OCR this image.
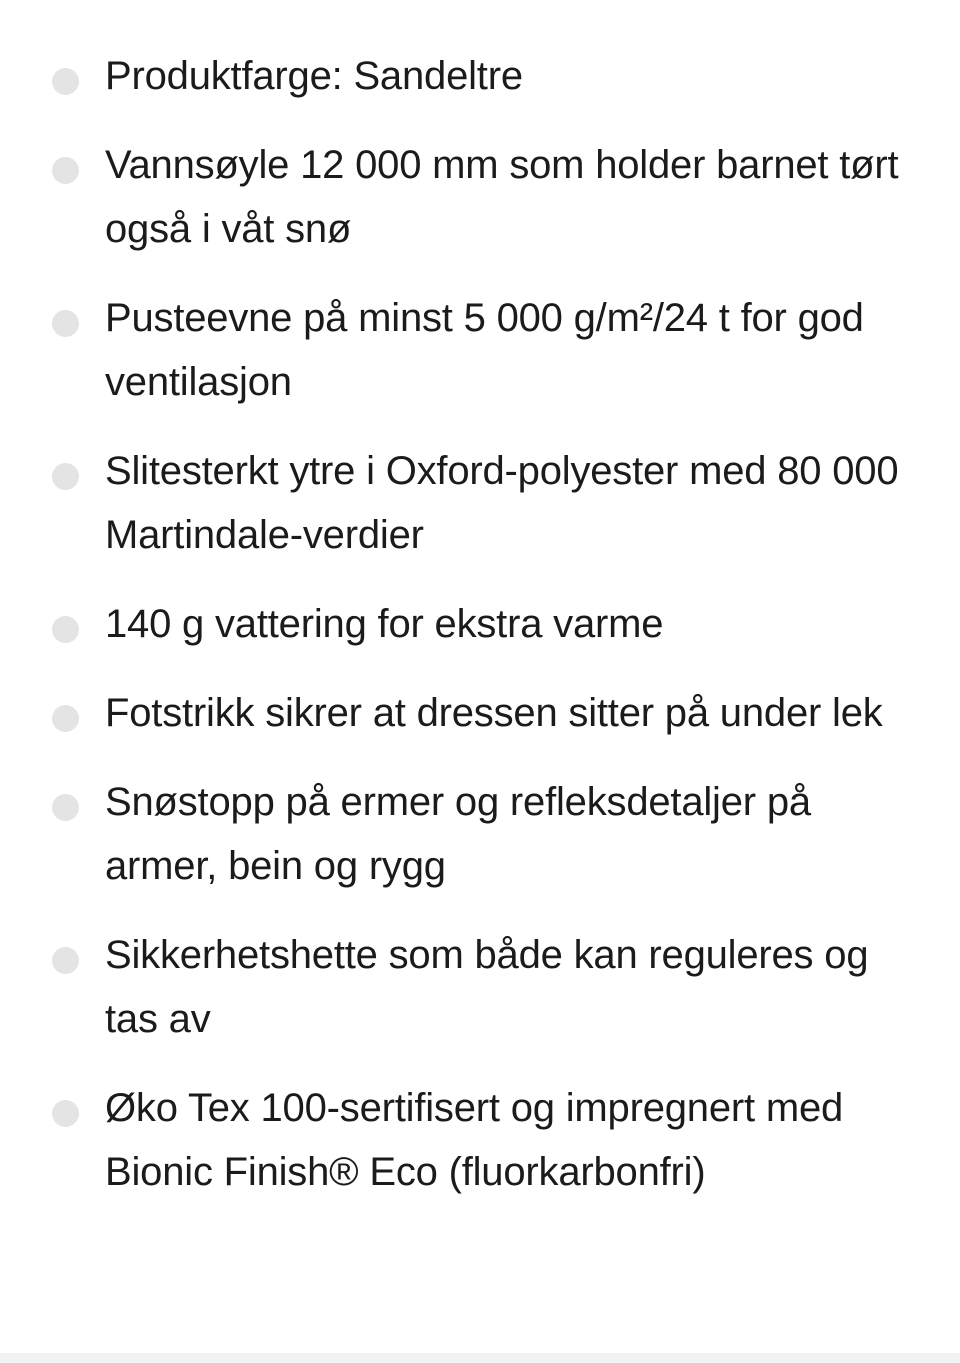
Produktfarge: Sandeltre
Vannsøyle 12 000 mm som holder barnet tørt også i våt snø
Pusteevne på minst 5 000 g/m²/24 t for god ventilasjon
Slitesterkt ytre i Oxford-polyester med 80 000 Martindale-verdier
140 g vattering for ekstra varme
Fotstrikk sikrer at dressen sitter på under lek
Snøstopp på ermer og refleksdetaljer på armer, bein og rygg
Sikkerhetshette som både kan reguleres og tas av
Øko Tex 100-sertifisert og impregnert med Bionic Finish® Eco (fluorkarbonfri)
